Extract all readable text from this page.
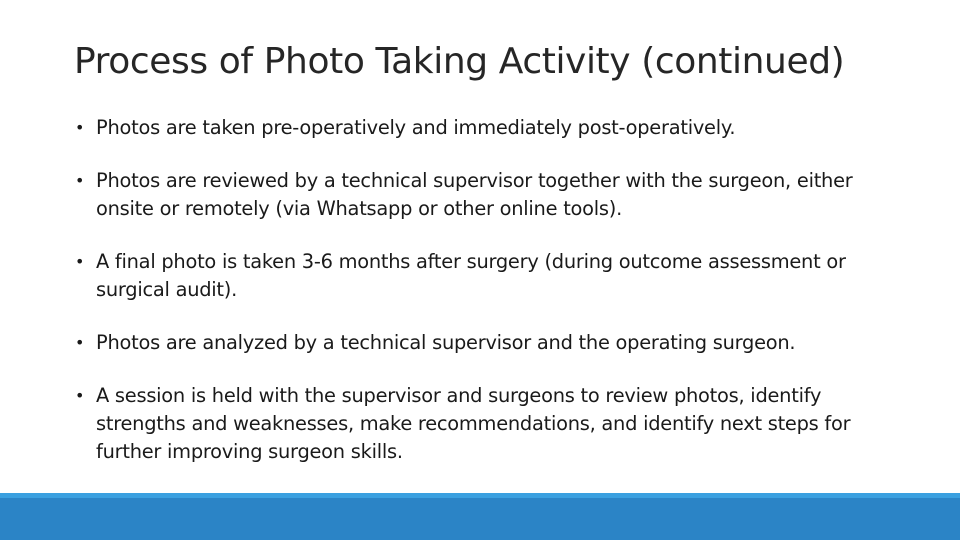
Process of Photo Taking Activity (continued)
• Photos are taken pre-operatively and immediately post-operatively.
• Photos are reviewed by a technical supervisor together with the surgeon, either onsite or remotely (via Whatsapp or other online tools).
• A final photo is taken 3-6 months after surgery (during outcome assessment or surgical audit).
• Photos are analyzed by a technical supervisor and the operating surgeon.
• A session is held with the supervisor and surgeons to review photos, identify strengths and weaknesses, make recommendations, and identify next steps for further improving surgeon skills.
